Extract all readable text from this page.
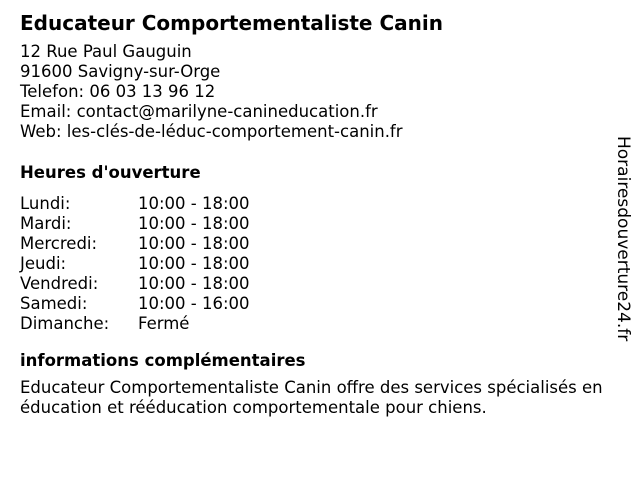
Educateur Comportementaliste Canin
12 Rue Paul Gauguin
91600 Savigny-sur-Orge
Telefon: 06 03 13 96 12
Email: contact@marilyne-canineducation.fr
Web: les-clés-de-léduc-comportement-canin.fr
Heures d'ouverture
Lundi:	10:00 - 18:00
Mardi:	10:00 - 18:00
Mercredi:	10:00 - 18:00
Jeudi:	10:00 - 18:00
Vendredi:	10:00 - 18:00
Samedi:	10:00 - 16:00
Dimanche:	Fermé
informations complémentaires
Educateur Comportementaliste Canin offre des services spécialisés en éducation et rééducation comportementale pour chiens.
Horairesdouverture24.fr
